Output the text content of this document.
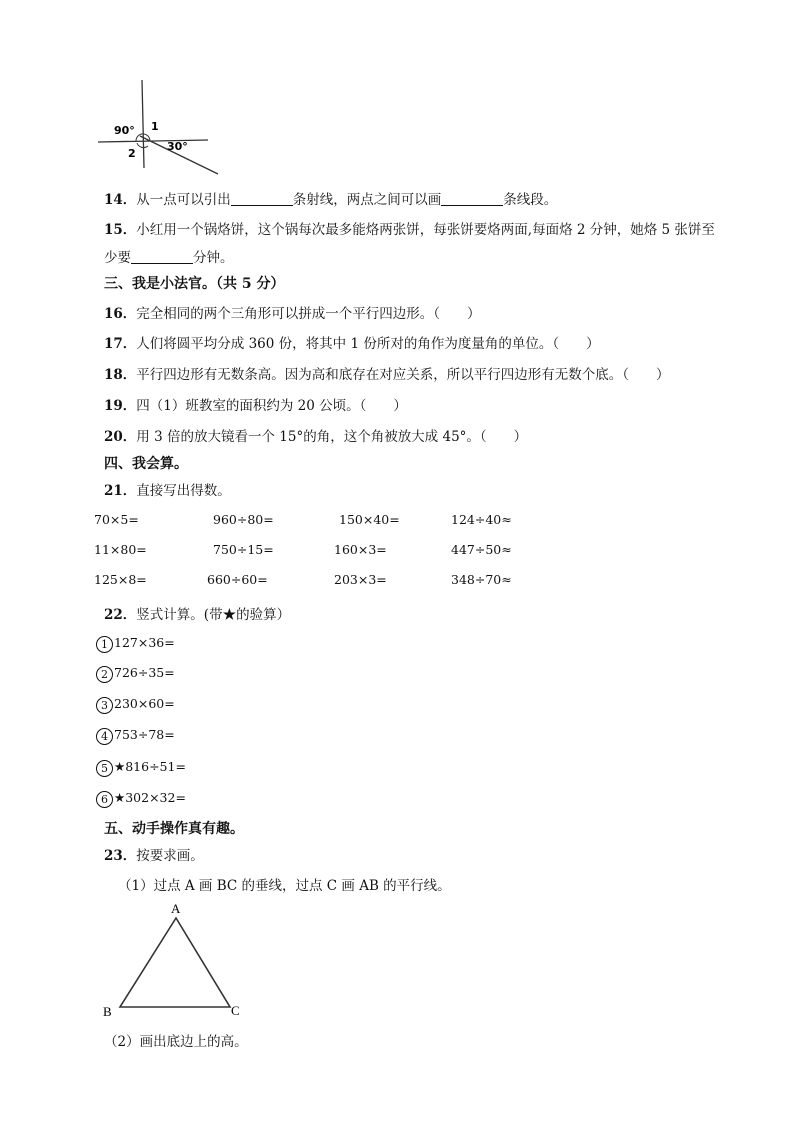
90° 1
2
30°
14．从一点可以引出	条射线，两点之间可以画	条线段。
15．小红用一个锅烙饼，这个锅每次最多能烙两张饼，每张饼要烙两面,每面烙 2 分钟，她烙 5 张饼至
少要	分钟。
三、我是小法官。（共 5 分）
16．完全相同的两个三角形可以拼成一个平行四边形。（　　）
17．人们将圆平均分成 360 份，将其中 1 份所对的角作为度量角的单位。（　　）
18．平行四边形有无数条高。因为高和底存在对应关系，所以平行四边形有无数个底。（　　）
19．四（1）班教室的面积约为 20 公顷。（　　）
20．用 3 倍的放大镜看一个 15°的角，这个角被放大成 45°。（　　）
四、我会算。
21．直接写出得数。
70×5=	960÷80=	150×40=	124÷40≈
11×80=	750÷15=	160×3=	447÷50≈
125×8=	660÷60=	203×3=	348÷70≈
22．竖式计算。(带★的验算）
1 127×36=
2 726÷35=
3 230×60=
4 753÷78=
5 ★816÷51=
6 ★302×32=
五、动手操作真有趣。
23．按要求画。
（1）过点 A 画 BC 的垂线，过点 C 画 AB 的平行线。
A
B	C
（2）画出底边上的高。
